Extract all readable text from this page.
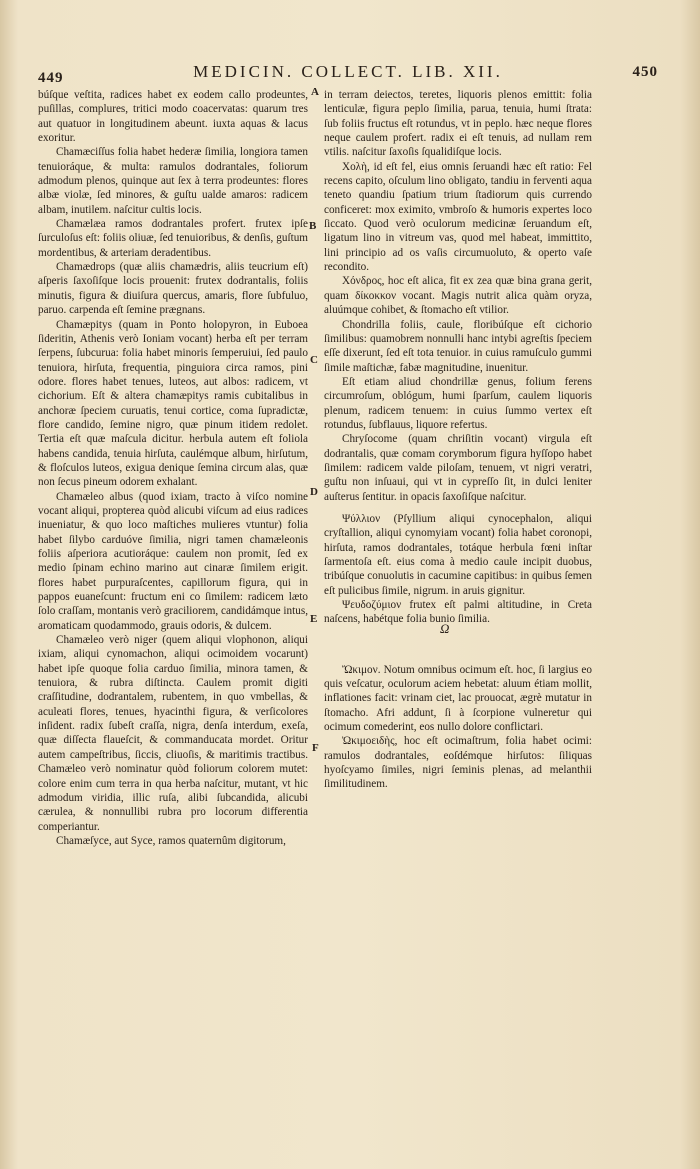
449	MEDICIN. COLLECT. LIB. XII.	450

búſque veſtita, radices habet ex eodem callo prodeuntes, puſillas, complures, tritici modo coacervatas: quarum tres aut quatuor in longitudinem abeunt. iuxta aquas & lacus exoritur.

Chamæciſſus folia habet hederæ ſimilia, longiora tamen tenuioráque, & multa: ramulos dodrantales, foliorum admodum plenos, quinque aut ſex à terra prodeuntes: flores albæ violæ, ſed minores, & guſtu ualde amaros: radicem albam, inutilem. naſcitur cultis locis.

Chamælæa ramos dodrantales profert. frutex ipſe ſurculoſus eſt: foliis oliuæ, ſed tenuioribus, & denſis, guſtum mordentibus, & arteriam deradentibus.

Chamædrops (quæ aliis chamædris, aliis teucrium eſt) aſperis ſaxoſiſque locis prouenit: frutex dodrantalis, foliis minutis, figura & diuiſura quercus, amaris, flore ſubfuluo, paruo. carpenda eſt ſemine prægnans.

Chamæpitys (quam in Ponto holopyron, in Euboea ſideritin, Athenis verò Ioniam vocant) herba eſt per terram ſerpens, ſubcurua: folia habet minoris ſemperuiui, ſed paulo tenuiora, hirſuta, frequentia, pinguiora circa ramos, pini odore. flores habet tenues, luteos, aut albos: radicem, vt cichorium. Eſt & altera chamæpitys ramis cubitalibus in anchoræ ſpeciem curuatis, tenui cortice, coma ſupradictæ, flore candido, ſemine nigro, quæ pinum itidem redolet. Tertia eſt quæ maſcula dicitur. herbula autem eſt foliola habens candida, tenuia hirſuta, caulémque album, hirſutum, & floſculos luteos, exigua denique ſemina circum alas, quæ non ſecus pineum odorem exhalant.

Chamæleo albus (quod ixiam, tracto à viſco nomine vocant aliqui, propterea quòd alicubi viſcum ad eius radices inueniatur, & quo loco maſtiches mulieres vtuntur) folia habet ſilybo carduóve ſimilia, nigri tamen chamæleonis foliis aſperiora acutioráque: caulem non promit, ſed ex medio ſpinam echino marino aut cinaræ ſimilem erigit. flores habet purpuraſcentes, capillorum figura, qui in pappos euaneſcunt: fructum eni co ſimilem: radicem læto ſolo craſſam, montanis verò graciliorem, candidámque intus, aromaticam quodammodo, grauis odoris, & dulcem.

Chamæleo verò niger (quem aliqui vlophonon, aliqui ixiam, aliqui cynomachon, aliqui ocimoidem vocarunt) habet ipſe quoque folia carduo ſimilia, minora tamen, & tenuiora, & rubra diſtincta. Caulem promit digiti craſſitudine, dodrantalem, rubentem, in quo vmbellas, & aculeati flores, tenues, hyacinthi figura, & verſicolores inſident. radix ſubeſt craſſa, nigra, denſa interdum, exeſa, quæ diſſecta flaueſcit, & commanducata mordet. Oritur autem campeſtribus, ſiccis, cliuoſis, & maritimis tractibus. Chamæleo verò nominatur quòd foliorum colorem mutet: colore enim cum terra in qua herba naſcitur, mutant, vt hic admodum viridia, illic ruſa, alibi ſubcandida, alicubi cærulea, & nonnullibi rubra pro locorum differentia comperiantur.

Chamæſyce, aut Syce, ramos quaternûm digitorum,

A
B
C
D
E
F

in terram deiectos, teretes, liquoris plenos emittit: folia lenticulæ, figura peplo ſimilia, parua, tenuia, humi ſtrata: ſub foliis fructus eſt rotundus, vt in peplo. hæc neque flores neque caulem profert. radix ei eſt tenuis, ad nullam rem vtilis. naſcitur ſaxoſis ſqualidiſque locis.

Χολὴ, id eſt fel, eius omnis ſeruandi hæc eſt ratio: Fel recens capito, oſculum lino obligato, tandiu in ferventi aqua teneto quandiu ſpatium trium ſtadiorum quis currendo conficeret: mox eximito, vmbroſo & humoris expertes loco ſiccato. Quod verò oculorum medicinæ ſeruandum eſt, ligatum lino in vitreum vas, quod mel habeat, immittito, lini principio ad os vaſis circumuoluto, & operto vaſe recondito.

Χόνδρος, hoc eſt alica, fit ex zea quæ bina grana gerit, quam δίκοκκον vocant. Magis nutrit alica quàm oryza, aluúmque cohibet, & ſtomacho eſt vtilior.

Chondrilla foliis, caule, floribúſque eſt cichorio ſimilibus: quamobrem nonnulli hanc intybi agreſtis ſpeciem eſſe dixerunt, ſed eſt tota tenuior. in cuius ramuſculo gummi ſimile maſtichæ, fabæ magnitudine, inuenitur.

Eſt etiam aliud chondrillæ genus, folium ferens circumroſum, oblógum, humi ſparſum, caulem liquoris plenum, radicem tenuem: in cuius ſummo vertex eſt rotundus, ſubflauus, liquore refertus.

Chryſocome (quam chriſitin vocant) virgula eſt dodrantalis, quæ comam corymborum figura hyſſopo habet ſimilem: radicem valde piloſam, tenuem, vt nigri veratri, guſtu non inſuaui, qui vt in cypreſſo ſit, in dulci leniter auſterus ſentitur. in opacis ſaxoſiſque naſcitur.

Ψύλλιον (Pſyllium aliqui cynocephalon, aliqui cryſtallion, aliqui cynomyiam vocant) folia habet coronopi, hirſuta, ramos dodrantales, totáque herbula fœni inſtar ſarmentoſa eſt. eius coma à medio caule incipit duobus, tribúſque conuolutis in cacumine capitibus: in quibus ſemen eſt pulicibus ſimile, nigrum. in aruis gignitur.

Ψευδοζύμιον frutex eſt palmi altitudine, in Creta naſcens, habétque folia bunio ſimilia.

Ὤκιμον. Notum omnibus ocimum eſt. hoc, ſi largius eo quis veſcatur, oculorum aciem hebetat: aluum étiam mollit, inflationes facit: vrinam ciet, lac prouocat, ægrè mutatur in ſtomacho. Afri addunt, ſi à ſcorpione vulneretur qui ocimum comederint, eos nullo dolore conflictari.

Ὠκιμοειδὴς, hoc eſt ocimaſtrum, folia habet ocimi: ramulos dodrantales, eoſdémque hirſutos: ſiliquas hyoſcyamo ſimiles, nigri ſeminis plenas, ad melanthii ſimilitudinem.

Ω
